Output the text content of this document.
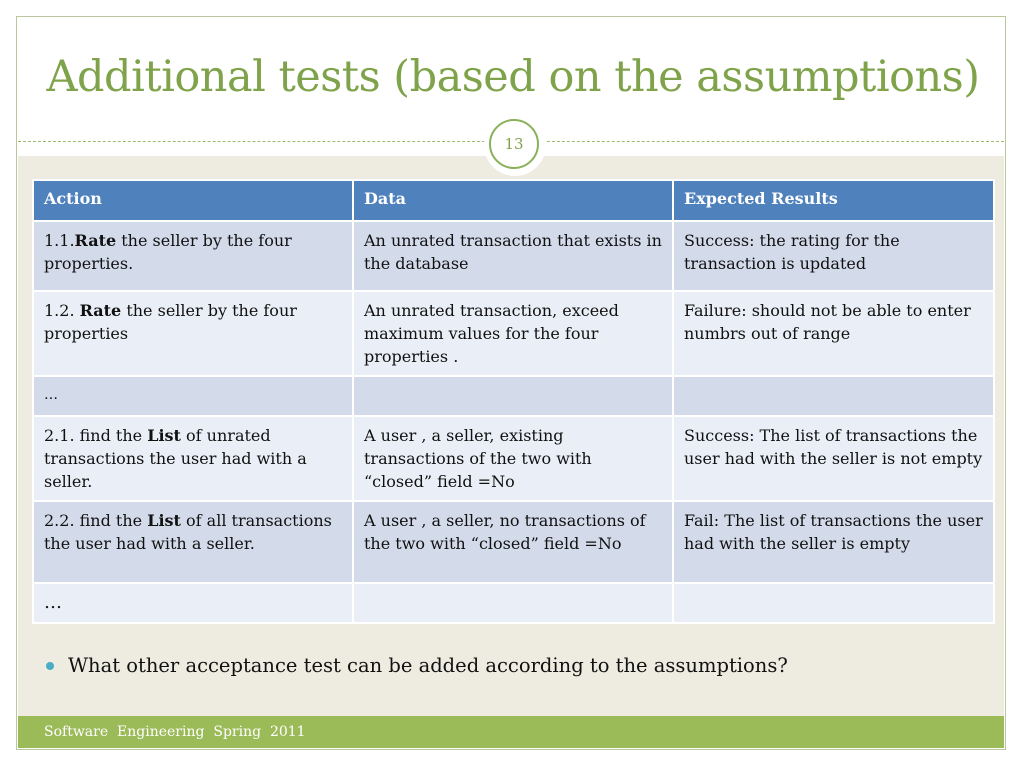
Additional tests (based on the assumptions)
13
Action	Data	Expected Results
1.1.Rate the seller by the four properties.	An unrated transaction that exists in the database	Success: the rating for the transaction is updated
1.2. Rate the seller by the four properties	An unrated transaction, exceed maximum values for the four properties .	Failure: should not be able to enter numbrs out of range
…		
2.1. find the List of unrated transactions the user had with a seller.	A user , a seller, existing transactions of the two with “closed” field =No	Success: The list of transactions the user had with the seller is not empty
2.2. find the List of all transactions the user had with a seller.	A user , a seller, no transactions of the two with “closed” field =No	Fail: The list of transactions the user had with the seller is empty
…		
What other acceptance test can be added according to the assumptions?
Software  Engineering  Spring  2011
